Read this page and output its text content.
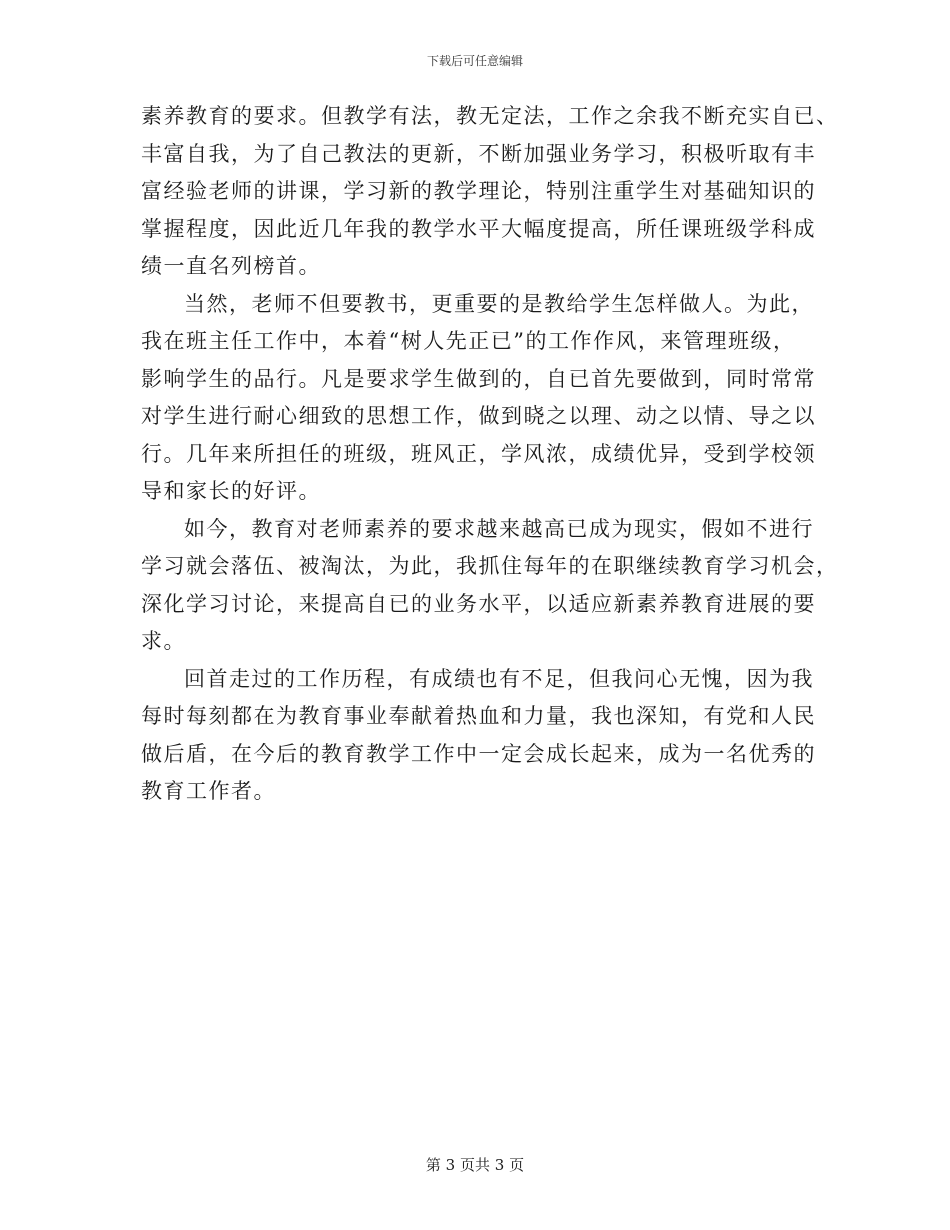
下载后可任意编辑
素养教育的要求。但教学有法，教无定法，工作之余我不断充实自已、
丰富自我，为了自己教法的更新，不断加强业务学习，积极听取有丰
富经验老师的讲课，学习新的教学理论，特别注重学生对基础知识的
掌握程度，因此近几年我的教学水平大幅度提高，所任课班级学科成
绩一直名列榜首。
当然，老师不但要教书，更重要的是教给学生怎样做人。为此，
我在班主任工作中，本着“树人先正已”的工作作风，来管理班级，
影响学生的品行。凡是要求学生做到的，自已首先要做到，同时常常
对学生进行耐心细致的思想工作，做到晓之以理、动之以情、导之以
行。几年来所担任的班级，班风正，学风浓，成绩优异，受到学校领
导和家长的好评。
如今，教育对老师素养的要求越来越高已成为现实，假如不进行
学习就会落伍、被淘汰，为此，我抓住每年的在职继续教育学习机会，
深化学习讨论，来提高自已的业务水平，以适应新素养教育进展的要
求。
回首走过的工作历程，有成绩也有不足，但我问心无愧，因为我
每时每刻都在为教育事业奉献着热血和力量，我也深知，有党和人民
做后盾，在今后的教育教学工作中一定会成长起来，成为一名优秀的
教育工作者。
第 3 页共 3 页
